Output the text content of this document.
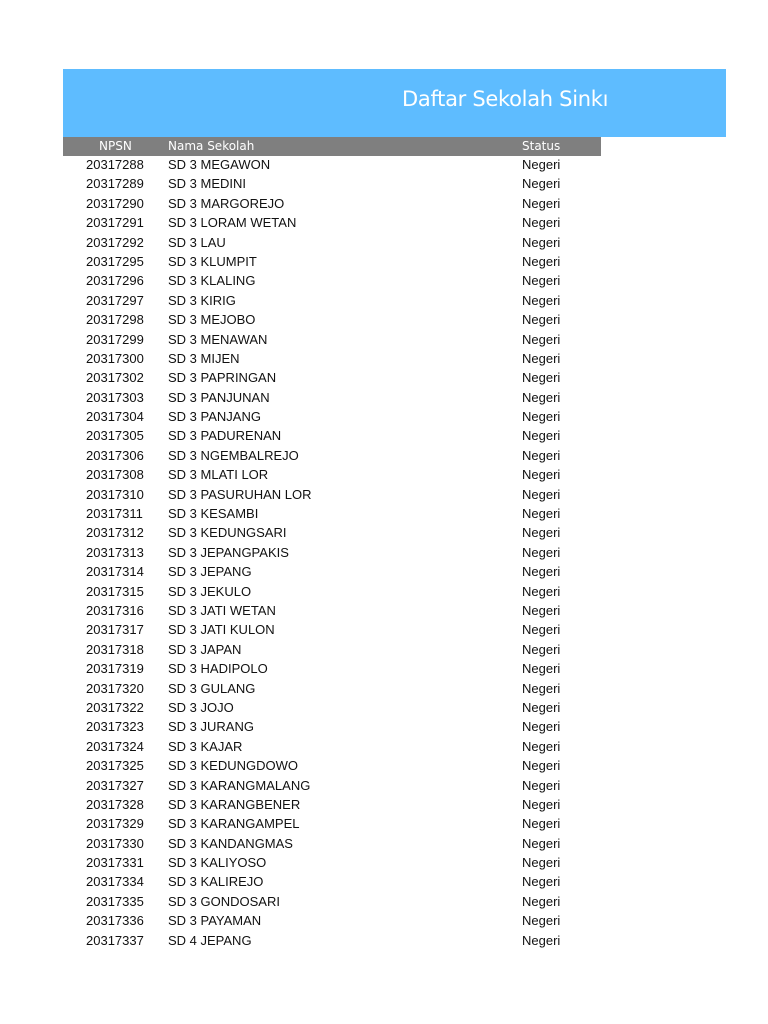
Daftar Sekolah Sinkı
NPSN	Nama Sekolah	Status
20317288 SD 3 MEGAWON	Negeri
20317289 SD 3 MEDINI	Negeri
20317290 SD 3 MARGOREJO	Negeri
20317291 SD 3 LORAM WETAN	Negeri
20317292 SD 3 LAU	Negeri
20317295 SD 3 KLUMPIT	Negeri
20317296 SD 3 KLALING	Negeri
20317297 SD 3 KIRIG	Negeri
20317298 SD 3 MEJOBO	Negeri
20317299 SD 3 MENAWAN	Negeri
20317300 SD 3 MIJEN	Negeri
20317302 SD 3 PAPRINGAN	Negeri
20317303 SD 3 PANJUNAN	Negeri
20317304 SD 3 PANJANG	Negeri
20317305 SD 3 PADURENAN	Negeri
20317306 SD 3 NGEMBALREJO	Negeri
20317308 SD 3 MLATI LOR	Negeri
20317310 SD 3 PASURUHAN LOR	Negeri
20317311 SD 3 KESAMBI	Negeri
20317312 SD 3 KEDUNGSARI	Negeri
20317313 SD 3 JEPANGPAKIS	Negeri
20317314 SD 3 JEPANG	Negeri
20317315 SD 3 JEKULO	Negeri
20317316 SD 3 JATI WETAN	Negeri
20317317 SD 3 JATI KULON	Negeri
20317318 SD 3 JAPAN	Negeri
20317319 SD 3 HADIPOLO	Negeri
20317320 SD 3 GULANG	Negeri
20317322 SD 3 JOJO	Negeri
20317323 SD 3 JURANG	Negeri
20317324 SD 3 KAJAR	Negeri
20317325 SD 3 KEDUNGDOWO	Negeri
20317327 SD 3 KARANGMALANG	Negeri
20317328 SD 3 KARANGBENER	Negeri
20317329 SD 3 KARANGAMPEL	Negeri
20317330 SD 3 KANDANGMAS	Negeri
20317331 SD 3 KALIYOSO	Negeri
20317334 SD 3 KALIREJO	Negeri
20317335 SD 3 GONDOSARI	Negeri
20317336 SD 3 PAYAMAN	Negeri
20317337 SD 4 JEPANG	Negeri
